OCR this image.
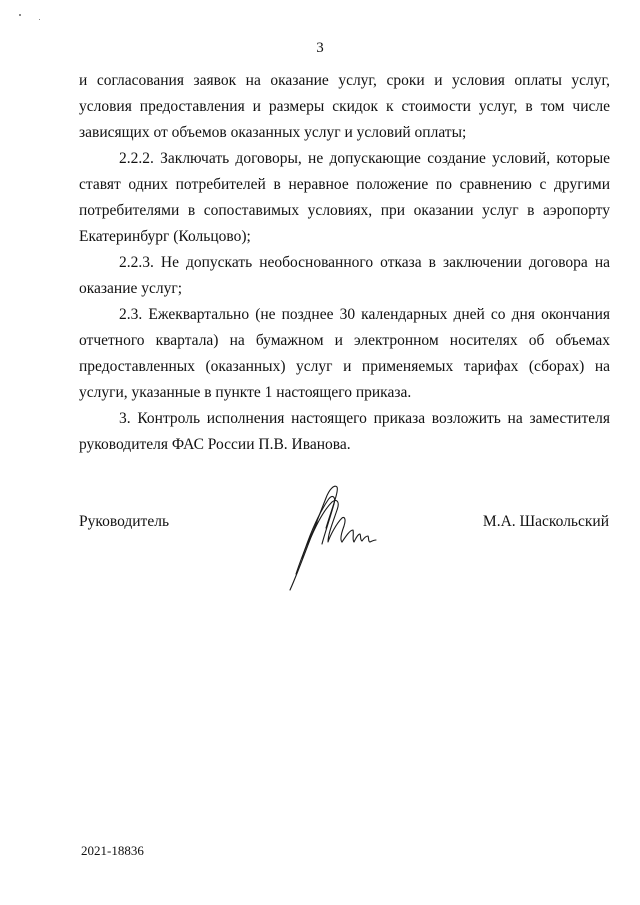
3

и согласования заявок на оказание услуг, сроки и условия оплаты услуг, условия предоставления и размеры скидок к стоимости услуг, в том числе зависящих от объемов оказанных услуг и условий оплаты;

2.2.2. Заключать договоры, не допускающие создание условий, которые ставят одних потребителей в неравное положение по сравнению с другими потребителями в сопоставимых условиях, при оказании услуг в аэропорту Екатеринбург (Кольцово);

2.2.3. Не допускать необоснованного отказа в заключении договора на оказание услуг;

2.3. Ежеквартально (не позднее 30 календарных дней со дня окончания отчетного квартала) на бумажном и электронном носителях об объемах предоставленных (оказанных) услуг и применяемых тарифах (сборах) на услуги, указанные в пункте 1 настоящего приказа.

3. Контроль исполнения настоящего приказа возложить на заместителя руководителя ФАС России П.В. Иванова.

Руководитель	М.А. Шаскольский
2021-18836
